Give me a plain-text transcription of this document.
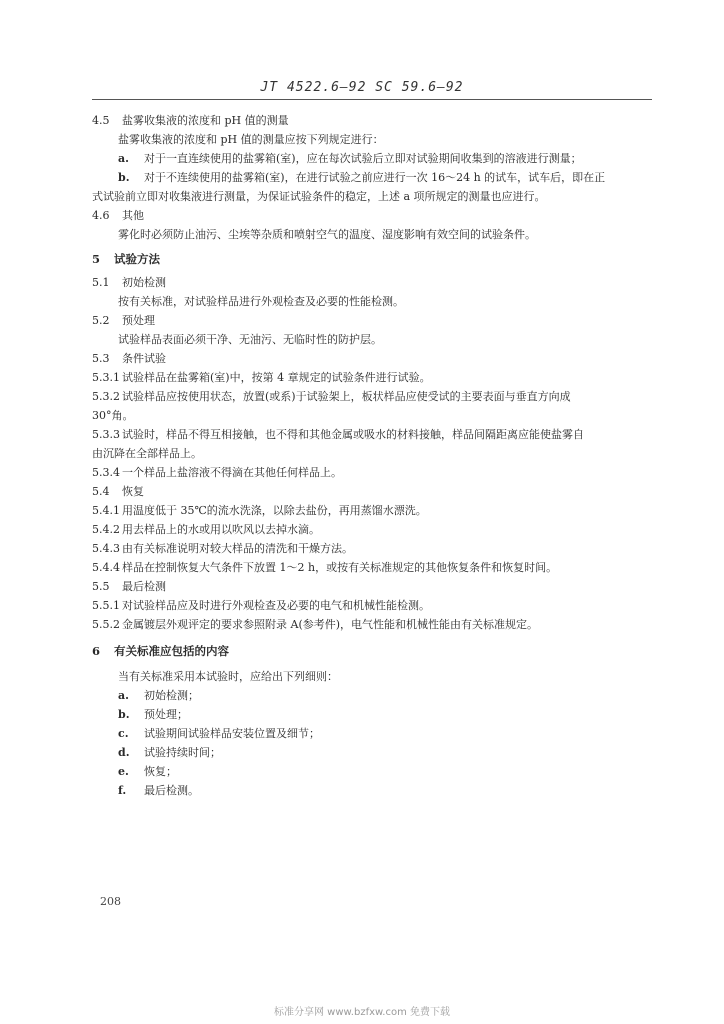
JT 4522.6—92 SC 59.6—92
4.5 盐雾收集液的浓度和 pH 值的测量
盐雾收集液的浓度和 pH 值的测量应按下列规定进行：
a. 对于一直连续使用的盐雾箱(室)，应在每次试验后立即对试验期间收集到的溶液进行测量；
b. 对于不连续使用的盐雾箱(室)，在进行试验之前应进行一次 16～24 h 的试车，试车后，即在正
式试验前立即对收集液进行测量，为保证试验条件的稳定，上述 a 项所规定的测量也应进行。
4.6 其他
雾化时必须防止油污、尘埃等杂质和喷射空气的温度、湿度影响有效空间的试验条件。
5 试验方法
5.1 初始检测
按有关标准，对试验样品进行外观检查及必要的性能检测。
5.2 预处理
试验样品表面必须干净、无油污、无临时性的防护层。
5.3 条件试验
5.3.1 试验样品在盐雾箱(室)中，按第 4 章规定的试验条件进行试验。
5.3.2 试验样品应按使用状态，放置(或系)于试验架上，板状样品应使受试的主要表面与垂直方向成
30°角。
5.3.3 试验时，样品不得互相接触，也不得和其他金属或吸水的材料接触，样品间隔距离应能使盐雾自
由沉降在全部样品上。
5.3.4 一个样品上盐溶液不得滴在其他任何样品上。
5.4 恢复
5.4.1 用温度低于 35℃的流水洗涤，以除去盐份，再用蒸馏水漂洗。
5.4.2 用去样品上的水或用以吹风以去掉水滴。
5.4.3 由有关标准说明对较大样品的清洗和干燥方法。
5.4.4 样品在控制恢复大气条件下放置 1～2 h，或按有关标准规定的其他恢复条件和恢复时间。
5.5 最后检测
5.5.1 对试验样品应及时进行外观检查及必要的电气和机械性能检测。
5.5.2 金属镀层外观评定的要求参照附录 A(参考件)，电气性能和机械性能由有关标准规定。
6 有关标准应包括的内容
当有关标准采用本试验时，应给出下列细则：
a. 初始检测；
b. 预处理；
c. 试验期间试验样品安装位置及细节；
d. 试验持续时间；
e. 恢复；
f. 最后检测。
208
标准分享网 www.bzfxw.com 免费下载
